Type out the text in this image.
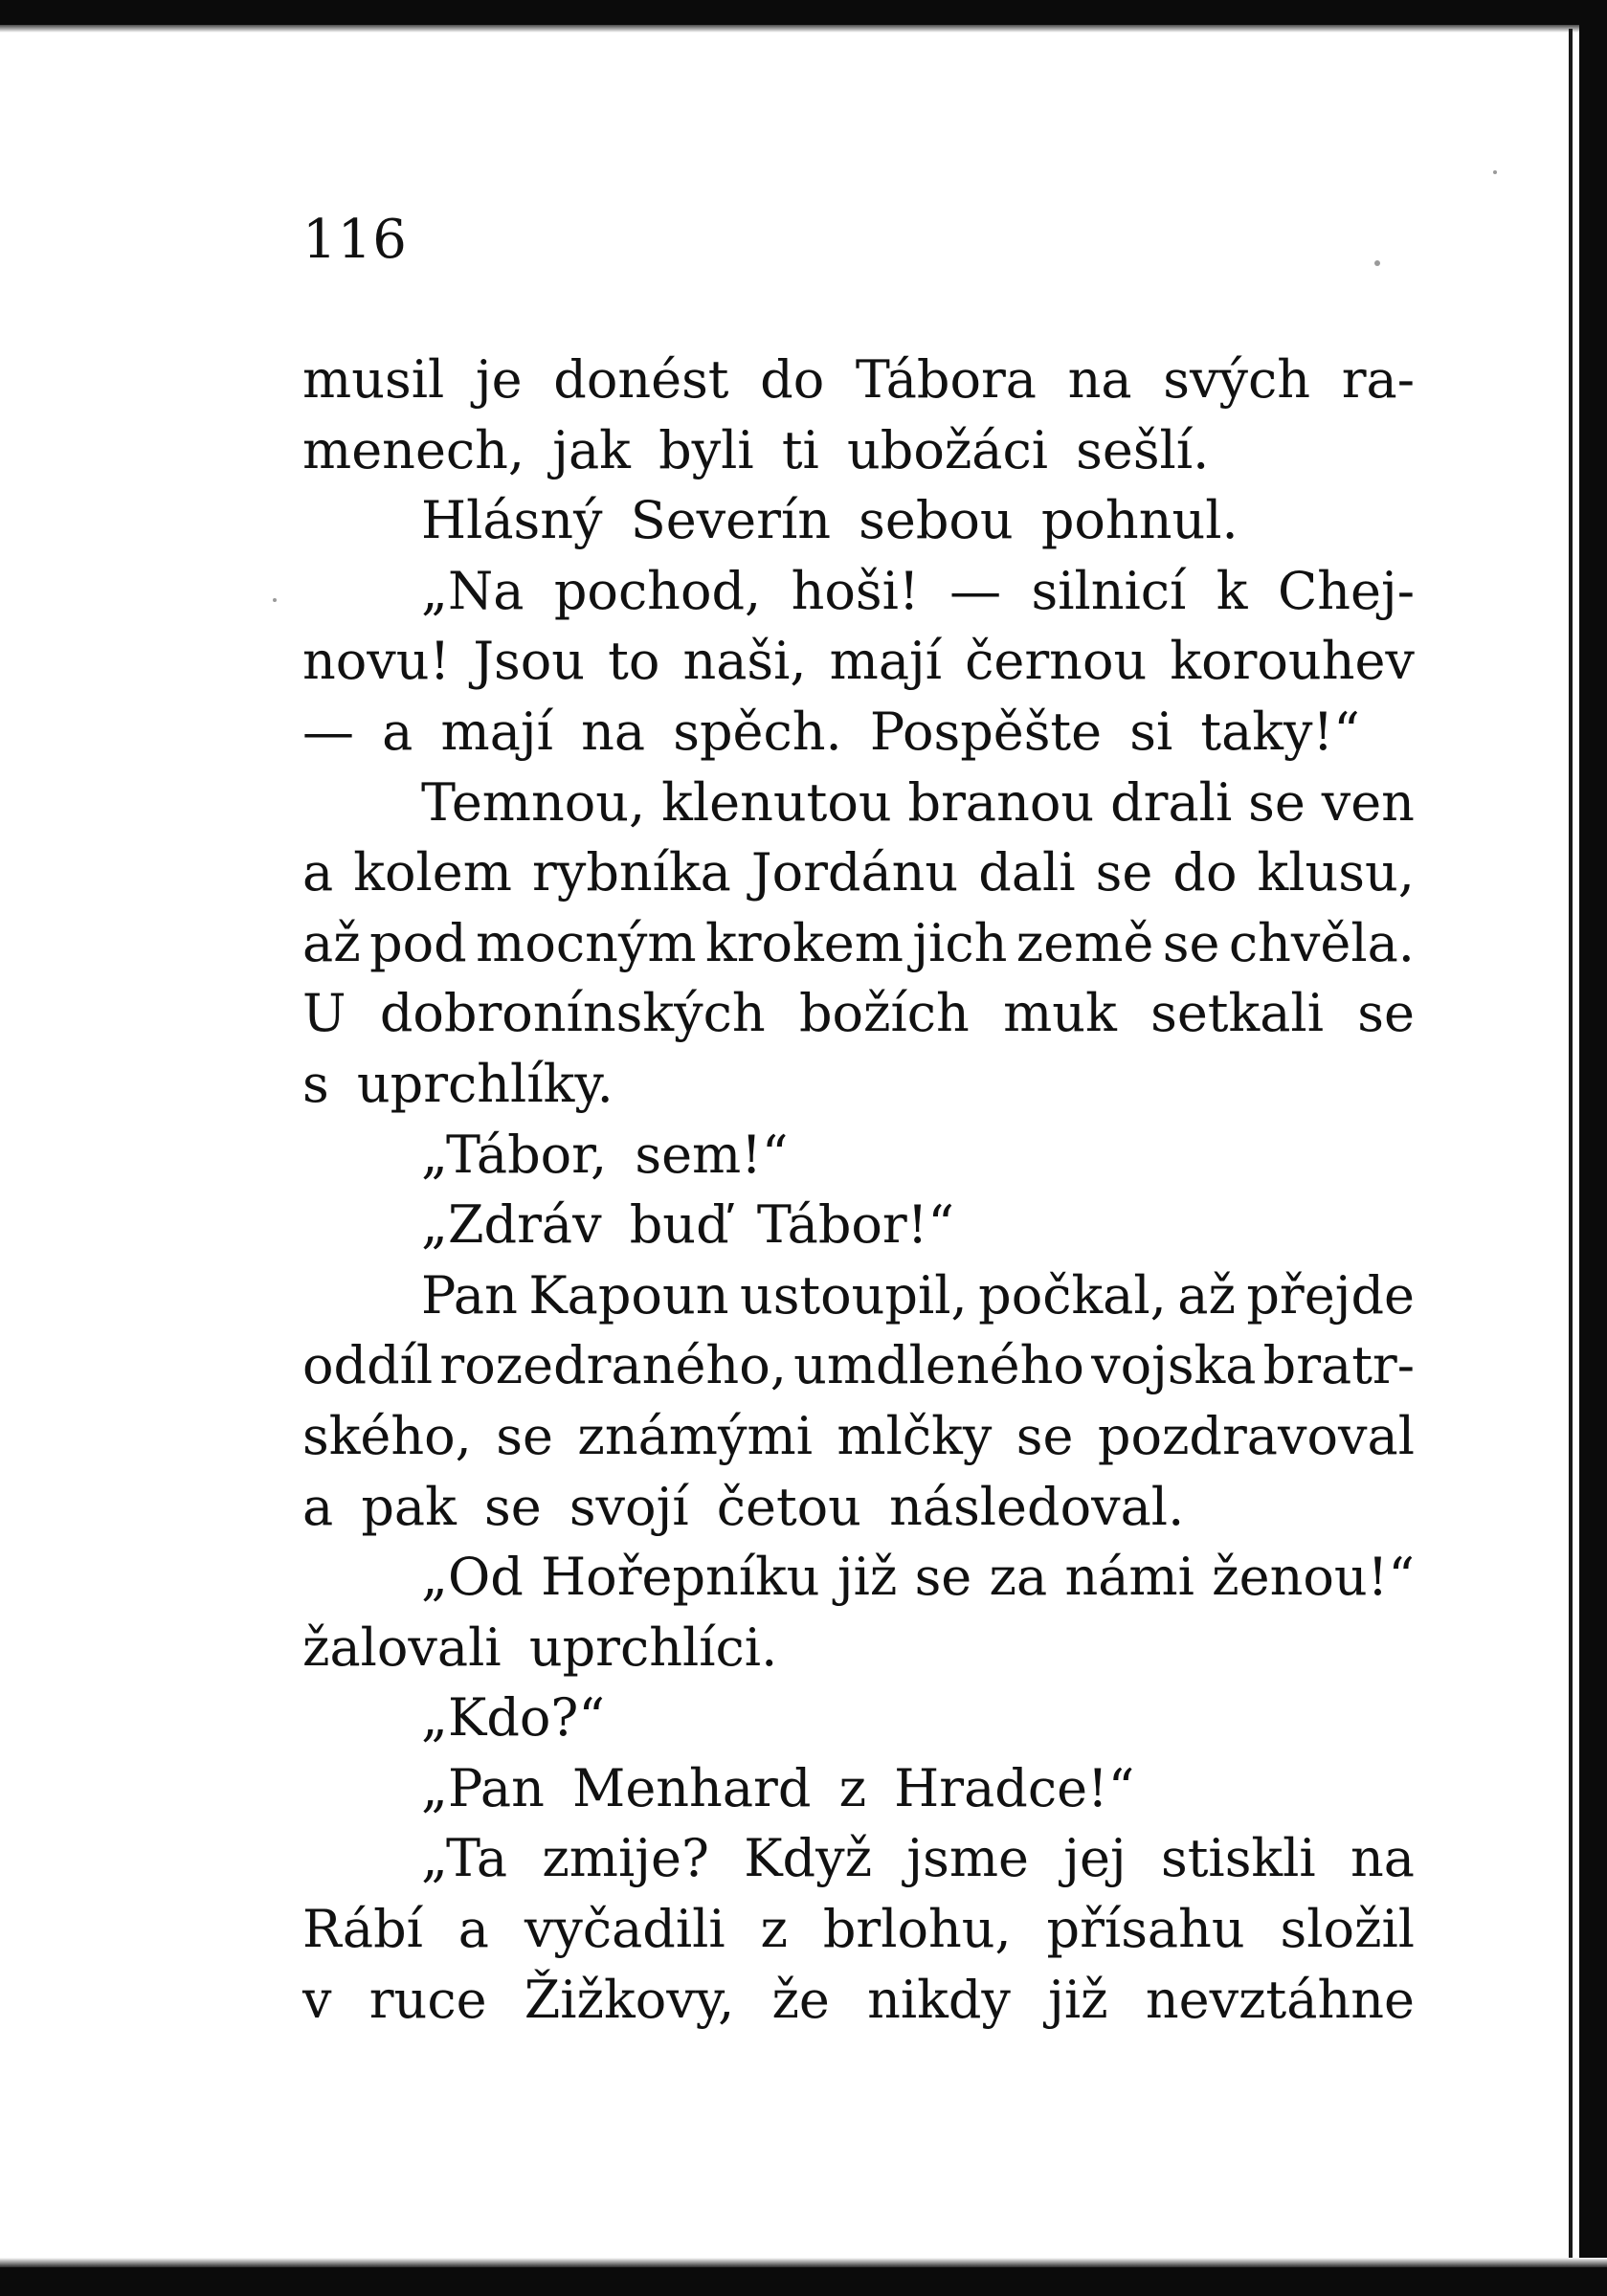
116
musil je donést do Tábora na svých ra-
menech, jak byli ti ubožáci sešlí.
Hlásný Severín sebou pohnul.
„Na pochod, hoši! — silnicí k Chej-
novu! Jsou to naši, mají černou korouhev
— a mají na spěch. Pospěšte si taky!“
Temnou, klenutou branou drali se ven
a kolem rybníka Jordánu dali se do klusu,
až pod mocným krokem jich země se chvěla.
U dobronínských božích muk setkali se
s uprchlíky.
„Tábor, sem!“
„Zdráv buď Tábor!“
Pan Kapoun ustoupil, počkal, až přejde
oddíl rozedraného, umdleného vojska bratr-
ského, se známými mlčky se pozdravoval
a pak se svojí četou následoval.
„Od Hořepníku již se za námi ženou!“
žalovali uprchlíci.
„Kdo?“
„Pan Menhard z Hradce!“
„Ta zmije? Když jsme jej stiskli na
Rábí a vyčadili z brlohu, přísahu složil
v ruce Žižkovy, že nikdy již nevztáhne
